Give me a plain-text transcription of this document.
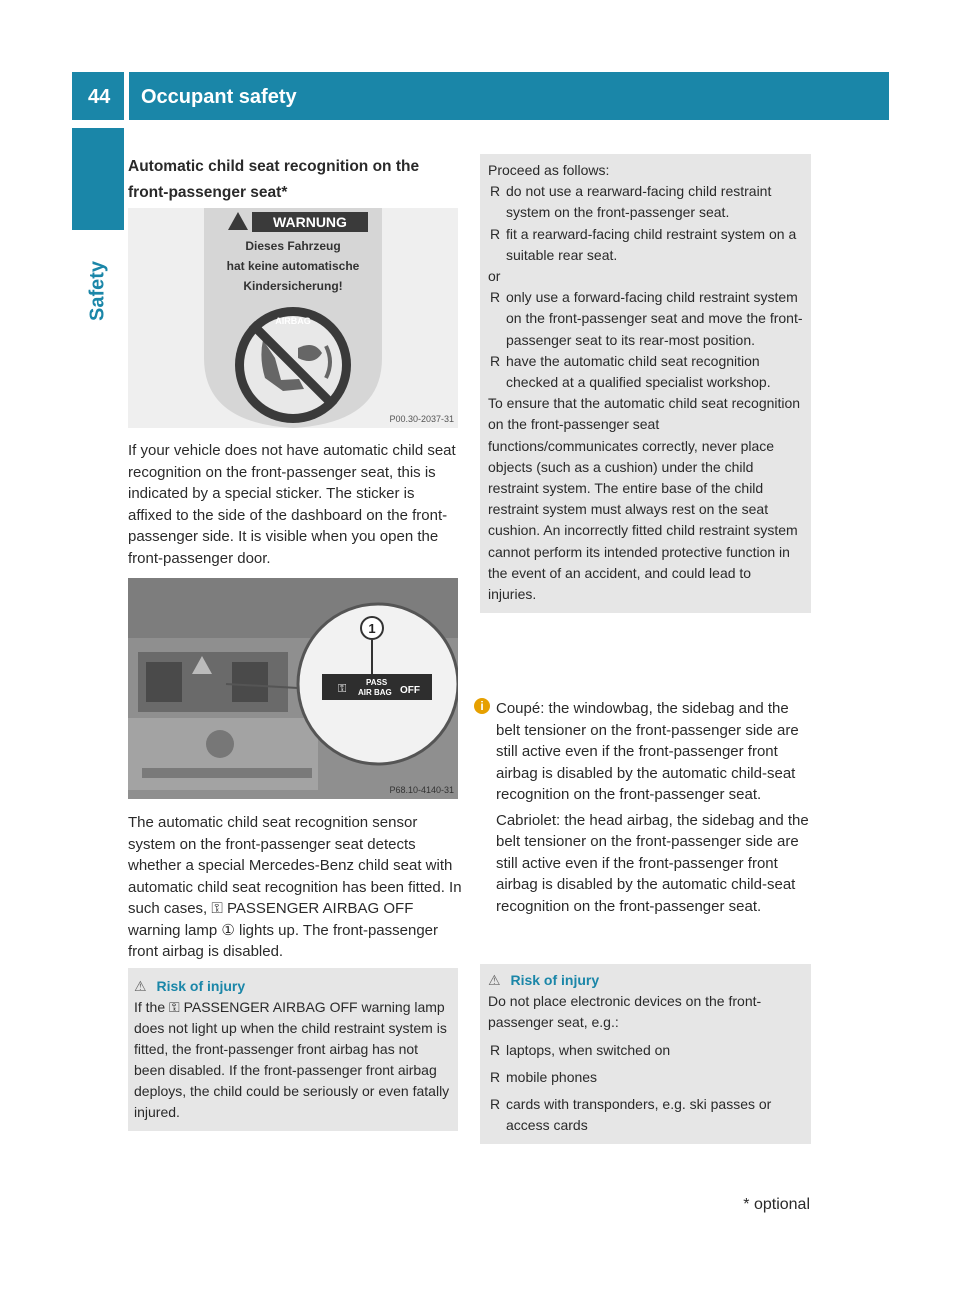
44 Occupant safety
Safety

Automatic child seat recognition on the

front-passenger seat*

WARNUNG
Dieses Fahrzeug
hat keine automatische
Kindersicherung!
AIRBAG
P00.30-2037-31

If your vehicle does not have automatic child seat recognition on the front-passenger seat, this is indicated by a special sticker. The sticker is affixed to the side of the dashboard on the front-passenger side. It is visible when you open the front-passenger door.

⚿
PASS
AIR BAG OFF
1
P68.10-4140-31

The automatic child seat recognition sensor system on the front-passenger seat detects whether a special Mercedes-Benz child seat with automatic child seat recognition has been fitted. In such cases, ⚿ PASSENGER AIRBAG OFF warning lamp ① lights up. The front-passenger front airbag is disabled.

⚠ Risk of injury

If the ⚿ PASSENGER AIRBAG OFF warning lamp does not light up when the child restraint system is fitted, the front-passenger front airbag has not been disabled. If the front-passenger front airbag deploys, the child could be seriously or even fatally injured.

Proceed as follows:

R do not use a rearward-facing child restraint system on the front-passenger seat.

R fit a rearward-facing child restraint system on a suitable rear seat.

or

R only use a forward-facing child restraint system on the front-passenger seat and move the front-passenger seat to its rear-most position.

R have the automatic child seat recognition checked at a qualified specialist workshop.

To ensure that the automatic child seat recognition on the front-passenger seat functions/communicates correctly, never place objects (such as a cushion) under the child restraint system. The entire base of the child restraint system must always rest on the seat cushion. An incorrectly fitted child restraint system cannot perform its intended protective function in the event of an accident, and could lead to injuries.

i Coupé: the windowbag, the sidebag and the belt tensioner on the front-passenger side are still active even if the front-passenger front airbag is disabled by the automatic child-seat recognition on the front-passenger seat.

Cabriolet: the head airbag, the sidebag and the belt tensioner on the front-passenger side are still active even if the front-passenger front airbag is disabled by the automatic child-seat recognition on the front-passenger seat.

⚠ Risk of injury

Do not place electronic devices on the front-passenger seat, e.g.:

R laptops, when switched on

R mobile phones

R cards with transponders, e.g. ski passes or access cards

* optional
